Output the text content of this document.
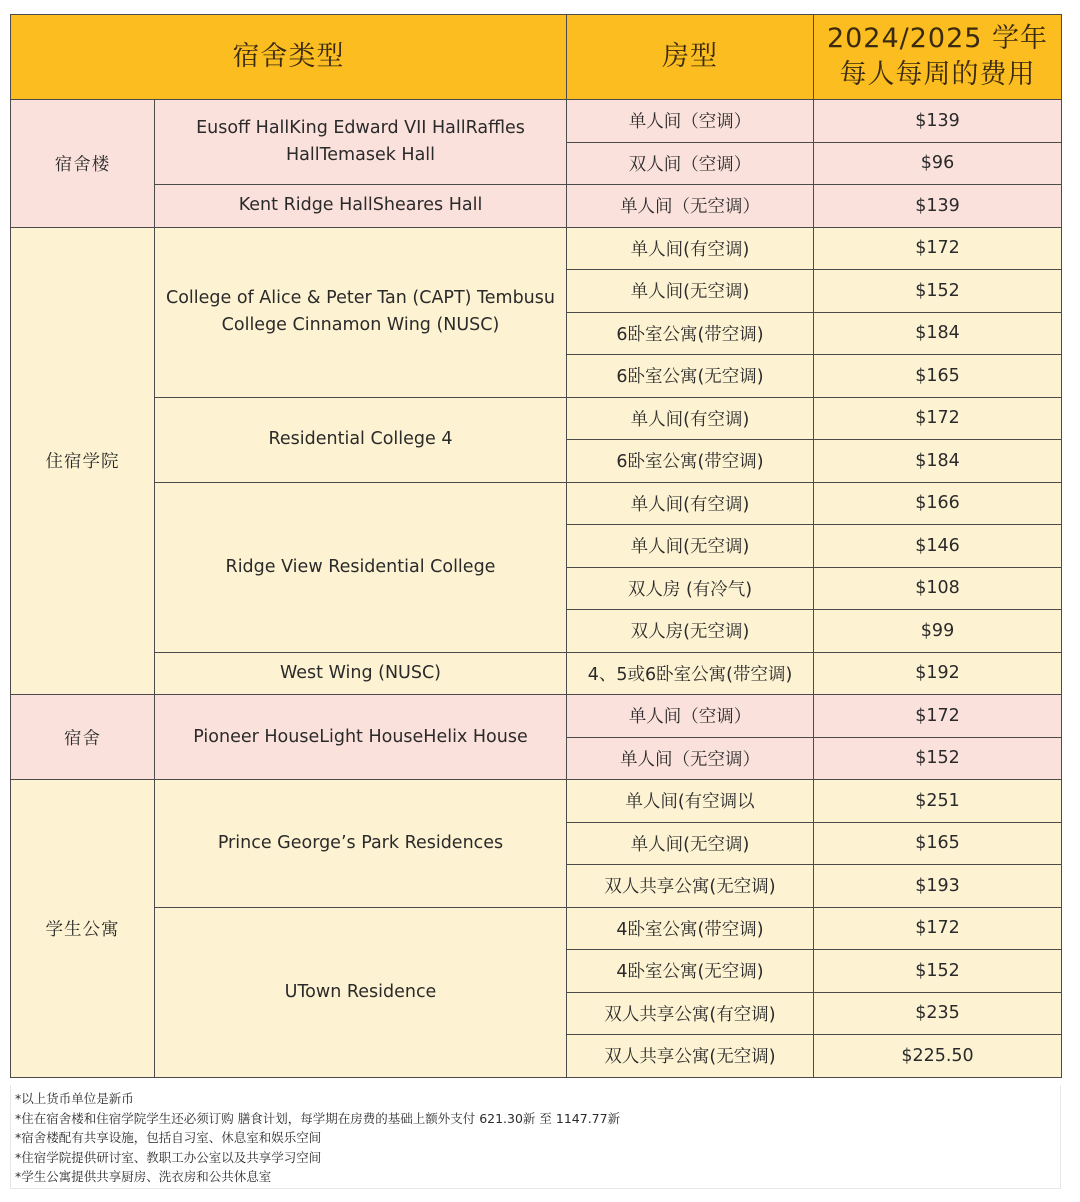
宿舍类型		房型	2024/2025 学年
每人每周的费用

宿舍楼	Eusoff HallKing Edward VII HallRaffles HallTemasek Hall	单人间（空调）	$139
		双人间（空调）	$96
	Kent Ridge HallSheares Hall	单人间（无空调）	$139
住宿学院	College of Alice & Peter Tan (CAPT) Tembusu College Cinnamon Wing (NUSC)	单人间(有空调)	$172
		单人间(无空调)	$152
		6卧室公寓(带空调)	$184
		6卧室公寓(无空调)	$165
	Residential College 4	单人间(有空调)	$172
		6卧室公寓(带空调)	$184
	Ridge View Residential College	单人间(有空调)	$166
		单人间(无空调)	$146
		双人房 (有冷气)	$108
		双人房(无空调)	$99
	West Wing (NUSC)	4、5或6卧室公寓(带空调)	$192
宿舍	Pioneer HouseLight HouseHelix House	单人间（空调）	$172
		单人间（无空调）	$152
学生公寓	Prince George’s Park Residences	单人间(有空调以	$251
		单人间(无空调)	$165
		双人共享公寓(无空调)	$193
	UTown Residence	4卧室公寓(带空调)	$172
		4卧室公寓(无空调)	$152
		双人共享公寓(有空调)	$235
		双人共享公寓(无空调)	$225.50
*以上货币单位是新币
*住在宿舍楼和住宿学院学生还必须订购 膳食计划，每学期在房费的基础上额外支付 621.30新 至 1147.77新
*宿舍楼配有共享设施，包括自习室、休息室和娱乐空间
*住宿学院提供研讨室、教职工办公室以及共享学习空间
*学生公寓提供共享厨房、洗衣房和公共休息室
